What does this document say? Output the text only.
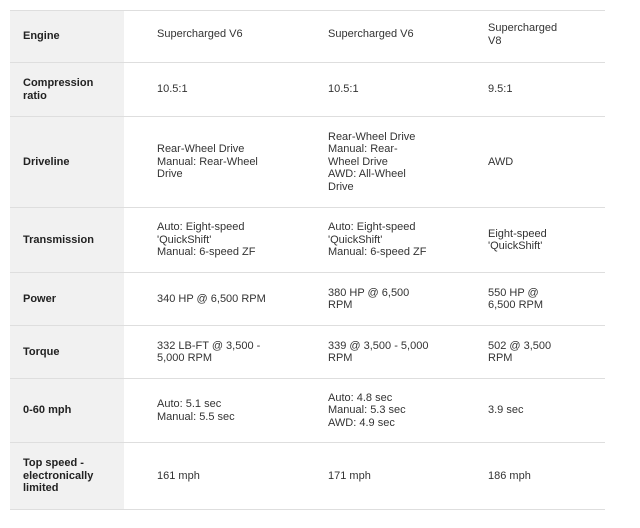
Engine	Supercharged V6	Supercharged V6	Supercharged
V8
Compression
ratio	10.5:1	10.5:1	9.5:1
Driveline	Rear-Wheel Drive
Manual: Rear-Wheel
Drive	Rear-Wheel Drive
Manual: Rear-
Wheel Drive
AWD: All-Wheel
Drive	AWD
Transmission	Auto: Eight-speed
'QuickShift'
Manual: 6-speed ZF	Auto: Eight-speed
'QuickShift'
Manual: 6-speed ZF	Eight-speed
'QuickShift'
Power	340 HP @ 6,500 RPM	380 HP @ 6,500
RPM	550 HP @
6,500 RPM
Torque	332 LB-FT @ 3,500 -
5,000 RPM	339 @ 3,500 - 5,000
RPM	502 @ 3,500
RPM
0-60 mph	Auto: 5.1 sec
Manual: 5.5 sec	Auto: 4.8 sec
Manual: 5.3 sec
AWD: 4.9 sec	3.9 sec
Top speed -
electronically
limited	161 mph	171 mph	186 mph
